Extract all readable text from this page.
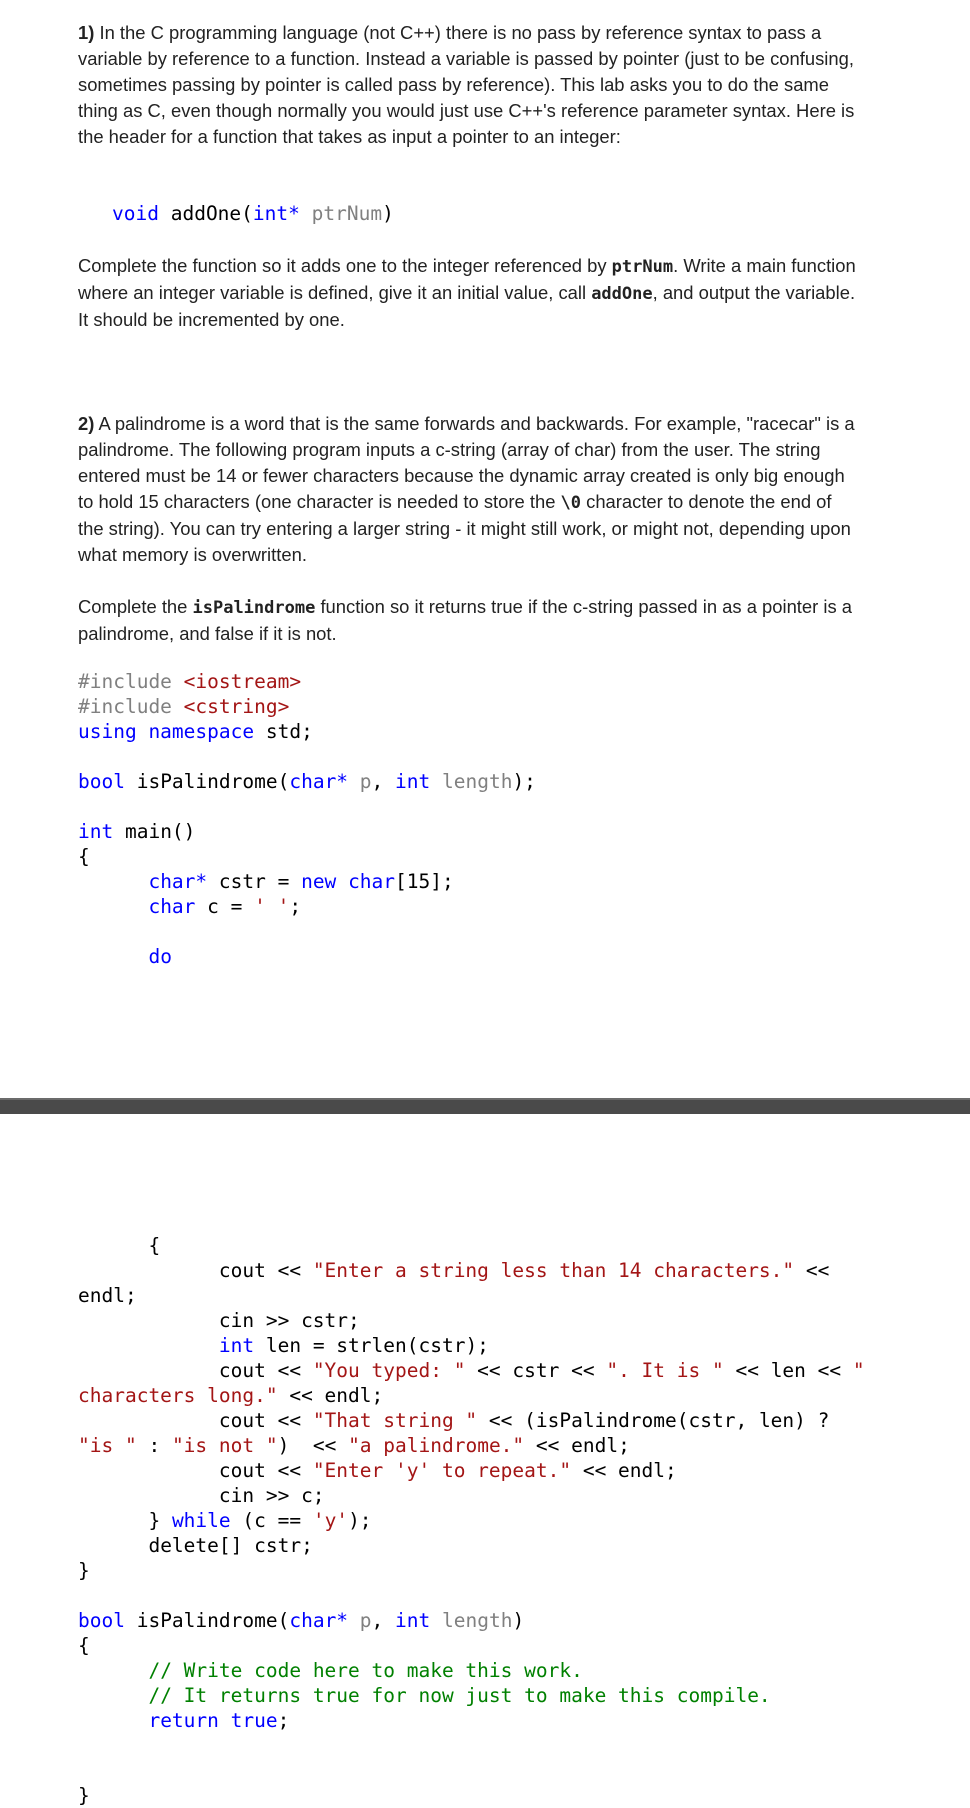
1) In the C programming language (not C++) there is no pass by reference syntax to pass a variable by reference to a function. Instead a variable is passed by pointer (just to be confusing, sometimes passing by pointer is called pass by reference). This lab asks you to do the same thing as C, even though normally you would just use C++'s reference parameter syntax. Here is the header for a function that takes as input a pointer to an integer:

void addOne(int* ptrNum)

Complete the function so it adds one to the integer referenced by ptrNum. Write a main function where an integer variable is defined, give it an initial value, call addOne, and output the variable. It should be incremented by one.

2) A palindrome is a word that is the same forwards and backwards. For example, "racecar" is a palindrome. The following program inputs a c-string (array of char) from the user. The string entered must be 14 or fewer characters because the dynamic array created is only big enough to hold 15 characters (one character is needed to store the \0 character to denote the end of the string). You can try entering a larger string - it might still work, or might not, depending upon what memory is overwritten.

Complete the isPalindrome function so it returns true if the c-string passed in as a pointer is a palindrome, and false if it is not.

#include <iostream>
#include <cstring>
using namespace std;

bool isPalindrome(char* p, int length);

int main()
{
char* cstr = new char[15];
char c = ' ';

do
{
cout << "Enter a string less than 14 characters." <<
endl;
cin >> cstr;
int len = strlen(cstr);
cout << "You typed: " << cstr << ". It is " << len << "
characters long." << endl;
cout << "That string " << (isPalindrome(cstr, len) ?
"is " : "is not ")  << "a palindrome." << endl;
cout << "Enter 'y' to repeat." << endl;
cin >> c;
} while (c == 'y');
delete[] cstr;
}

bool isPalindrome(char* p, int length)
{
// Write code here to make this work.
// It returns true for now just to make this compile.
return true;

}
